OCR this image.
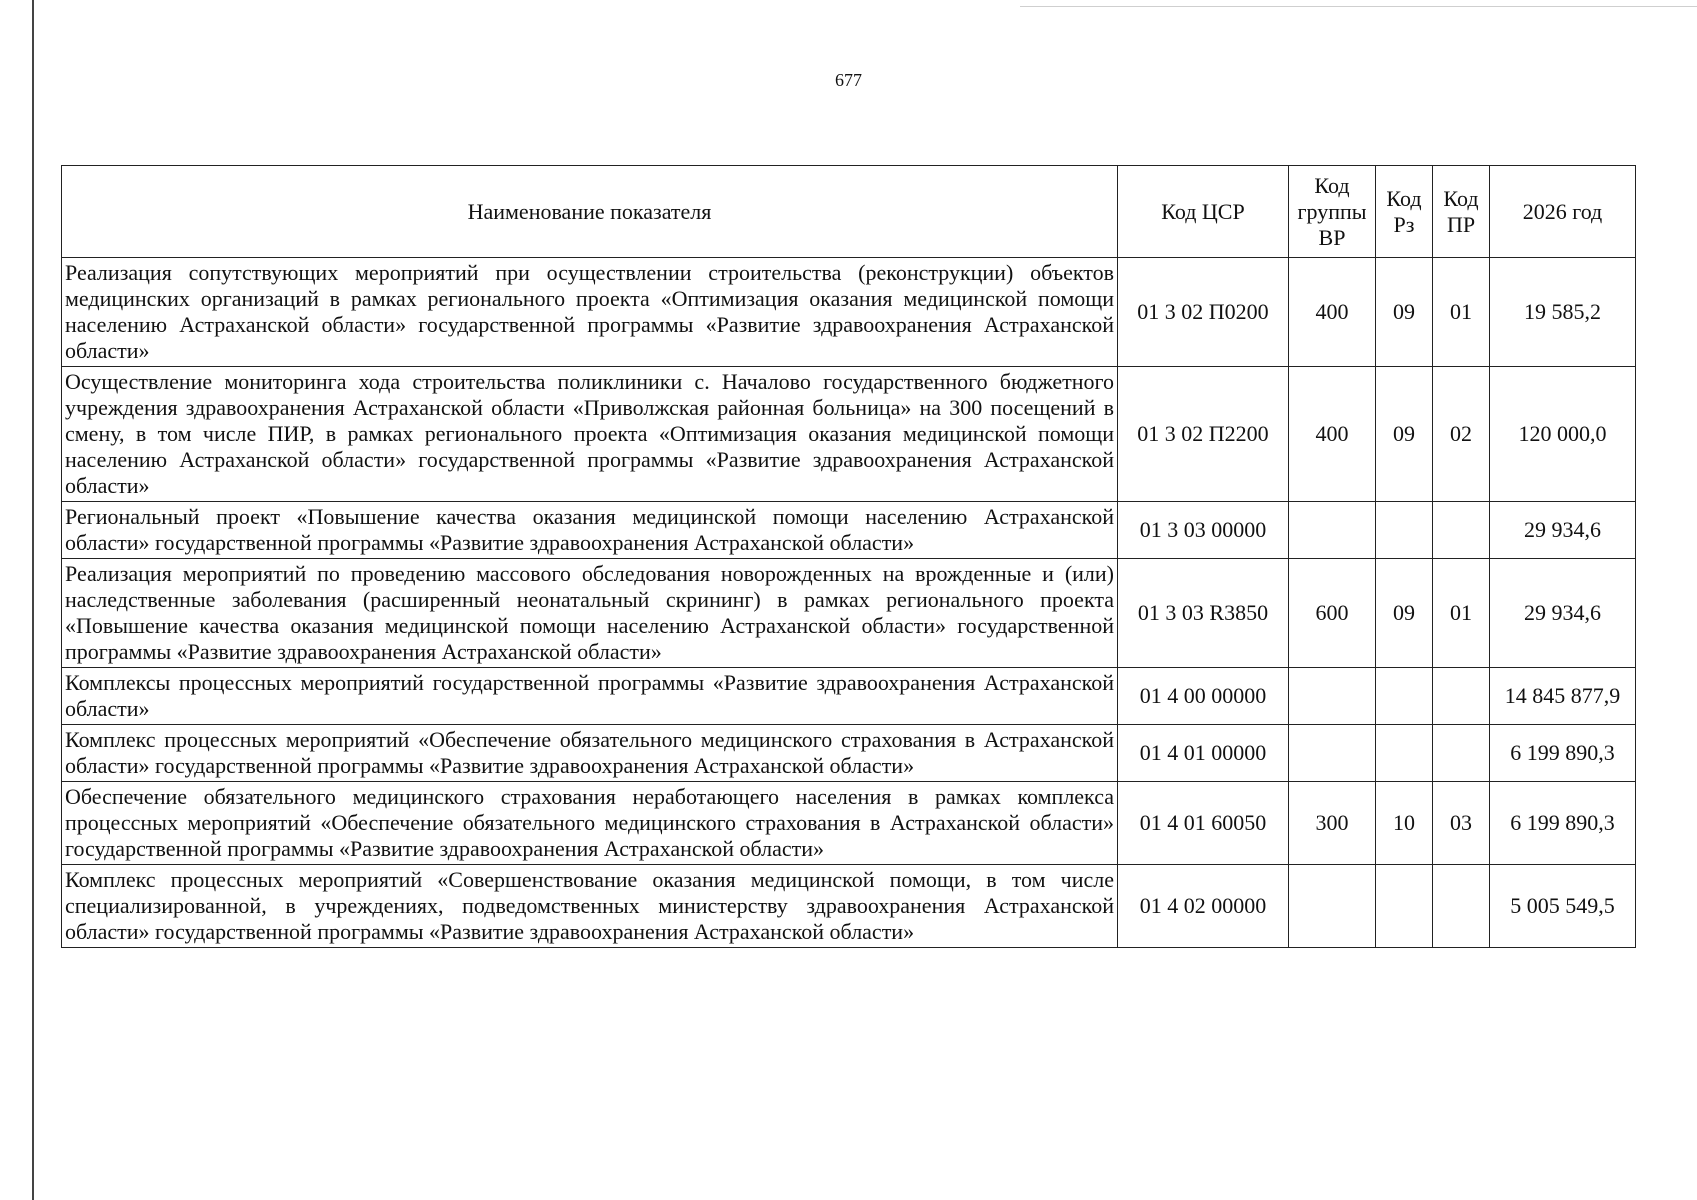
677
Наименование показателя	Код ЦСР	Код группы ВР	Код Рз	Код ПР	2026 год
Реализация сопутствующих мероприятий при осуществлении строительства (реконструкции) объектов медицинских организаций в рамках регионального проекта «Оптимизация оказания медицинской помощи населению Астраханской области» государственной программы «Развитие здравоохранения Астраханской области»	01 3 02 П0200	400	09	01	19 585,2
Осуществление мониторинга хода строительства поликлиники с. Началово государственного бюджетного учреждения здравоохранения Астраханской области «Приволжская районная больница» на 300 посещений в смену, в том числе ПИР, в рамках регионального проекта «Оптимизация оказания медицинской помощи населению Астраханской области» государственной программы «Развитие здравоохранения Астраханской области»	01 3 02 П2200	400	09	02	120 000,0
Региональный проект «Повышение качества оказания медицинской помощи населению Астраханской области» государственной программы «Развитие здравоохранения Астраханской области»	01 3 03 00000				29 934,6
Реализация мероприятий по проведению массового обследования новорожденных на врожденные и (или) наследственные заболевания (расширенный неонатальный скрининг) в рамках регионального проекта «Повышение качества оказания медицинской помощи населению Астраханской области» государственной программы «Развитие здравоохранения Астраханской области»	01 3 03 R3850	600	09	01	29 934,6
Комплексы процессных мероприятий государственной программы «Развитие здравоохранения Астраханской области»	01 4 00 00000				14 845 877,9
Комплекс процессных мероприятий «Обеспечение обязательного медицинского страхования в Астраханской области» государственной программы «Развитие здравоохранения Астраханской области»	01 4 01 00000				6 199 890,3
Обеспечение обязательного медицинского страхования неработающего населения в рамках комплекса процессных мероприятий «Обеспечение обязательного медицинского страхования в Астраханской области» государственной программы «Развитие здравоохранения Астраханской области»	01 4 01 60050	300	10	03	6 199 890,3
Комплекс процессных мероприятий «Совершенствование оказания медицинской помощи, в том числе специализированной, в учреждениях, подведомственных министерству здравоохранения Астраханской области» государственной программы «Развитие здравоохранения Астраханской области»	01 4 02 00000				5 005 549,5
